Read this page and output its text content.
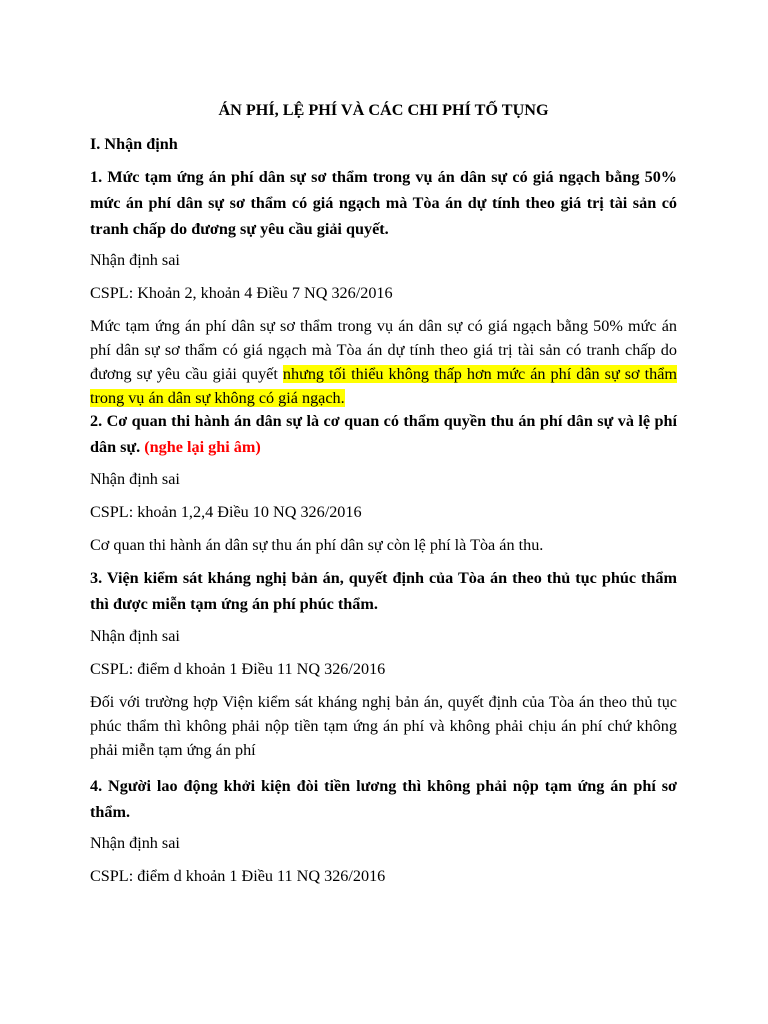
ÁN PHÍ, LỆ PHÍ VÀ CÁC CHI PHÍ TỐ TỤNG
I. Nhận định

1. Mức tạm ứng án phí dân sự sơ thẩm trong vụ án dân sự có giá ngạch bằng 50% mức án phí dân sự sơ thẩm có giá ngạch mà Tòa án dự tính theo giá trị tài sản có tranh chấp do đương sự yêu cầu giải quyết.

Nhận định sai

CSPL: Khoản 2, khoản 4 Điều 7 NQ 326/2016

Mức tạm ứng án phí dân sự sơ thẩm trong vụ án dân sự có giá ngạch bằng 50% mức án phí dân sự sơ thẩm có giá ngạch mà Tòa án dự tính theo giá trị tài sản có tranh chấp do đương sự yêu cầu giải quyết nhưng tối thiểu không thấp hơn mức án phí dân sự sơ thẩm trong vụ án dân sự không có giá ngạch.

2. Cơ quan thi hành án dân sự là cơ quan có thẩm quyền thu án phí dân sự và lệ phí dân sự. (nghe lại ghi âm)

Nhận định sai

CSPL: khoản 1,2,4 Điều 10 NQ 326/2016

Cơ quan thi hành án dân sự thu án phí dân sự còn lệ phí là Tòa án thu.

3. Viện kiểm sát kháng nghị bản án, quyết định của Tòa án theo thủ tục phúc thẩm thì được miễn tạm ứng án phí phúc thẩm.

Nhận định sai

CSPL: điểm d khoản 1 Điều 11 NQ 326/2016

Đối với trường hợp Viện kiểm sát kháng nghị bản án, quyết định của Tòa án theo thủ tục phúc thẩm thì không phải nộp tiền tạm ứng án phí và không phải chịu án phí chứ không phải miễn tạm ứng án phí

4. Người lao động khởi kiện đòi tiền lương thì không phải nộp tạm ứng án phí sơ thẩm.

Nhận định sai

CSPL: điểm d khoản 1 Điều 11 NQ 326/2016
